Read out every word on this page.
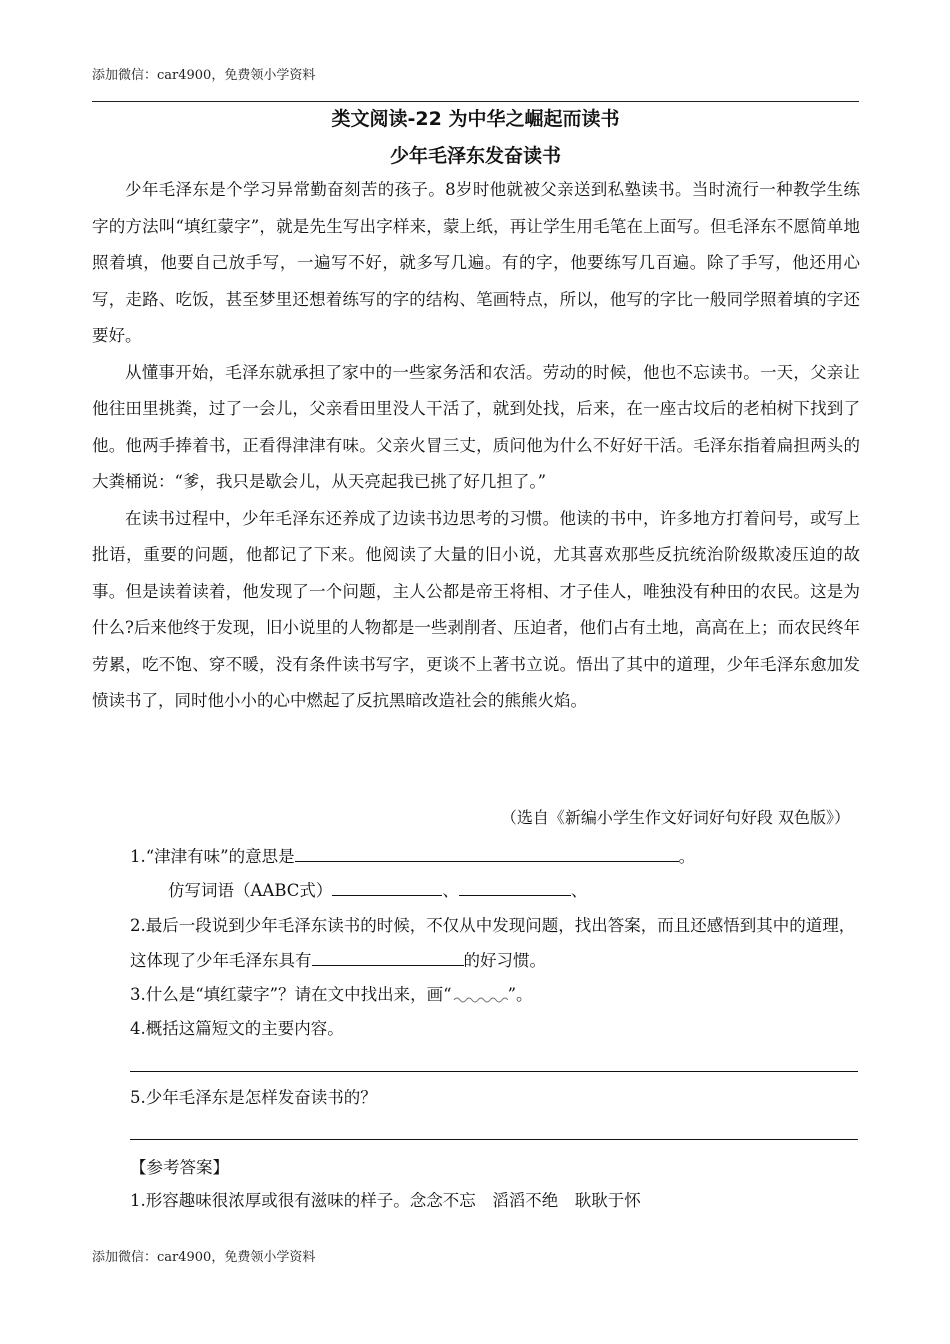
添加微信：car4900，免费领小学资料
类文阅读-22 为中华之崛起而读书
少年毛泽东发奋读书

少年毛泽东是个学习异常勤奋刻苦的孩子。8岁时他就被父亲送到私塾读书。当时流行一种教学生练字的方法叫“填红蒙字”，就是先生写出字样来，蒙上纸，再让学生用毛笔在上面写。但毛泽东不愿简单地照着填，他要自己放手写，一遍写不好，就多写几遍。有的字，他要练写几百遍。除了手写，他还用心写，走路、吃饭，甚至梦里还想着练写的字的结构、笔画特点，所以，他写的字比一般同学照着填的字还要好。

从懂事开始，毛泽东就承担了家中的一些家务活和农活。劳动的时候，他也不忘读书。一天，父亲让他往田里挑粪，过了一会儿，父亲看田里没人干活了，就到处找，后来，在一座古坟后的老柏树下找到了他。他两手捧着书，正看得津津有味。父亲火冒三丈，质问他为什么不好好干活。毛泽东指着扁担两头的大粪桶说：“爹，我只是歇会儿，从天亮起我已挑了好几担了。”

在读书过程中，少年毛泽东还养成了边读书边思考的习惯。他读的书中，许多地方打着问号，或写上批语，重要的问题，他都记了下来。他阅读了大量的旧小说，尤其喜欢那些反抗统治阶级欺凌压迫的故事。但是读着读着，他发现了一个问题，主人公都是帝王将相、才子佳人，唯独没有种田的农民。这是为什么?后来他终于发现，旧小说里的人物都是一些剥削者、压迫者，他们占有土地，高高在上；而农民终年劳累，吃不饱、穿不暖，没有条件读书写字，更谈不上著书立说。悟出了其中的道理，少年毛泽东愈加发愤读书了，同时他小小的心中燃起了反抗黑暗改造社会的熊熊火焰。

（选自《新编小学生作文好词好句好段 双色版》）
1.“津津有味”的意思是	。
仿写词语（AABC式）	、	、
2.最后一段说到少年毛泽东读书的时候，不仅从中发现问题，找出答案，而且还感悟到其中的道理，这体现了少年毛泽东具有	的好习惯。
3.什么是“填红蒙字”？请在文中找出来，画“	”。
4.概括这篇短文的主要内容。
5.少年毛泽东是怎样发奋读书的？
【参考答案】
1.形容趣味很浓厚或很有滋味的样子。念念不忘　滔滔不绝　耿耿于怀
添加微信：car4900，免费领小学资料
